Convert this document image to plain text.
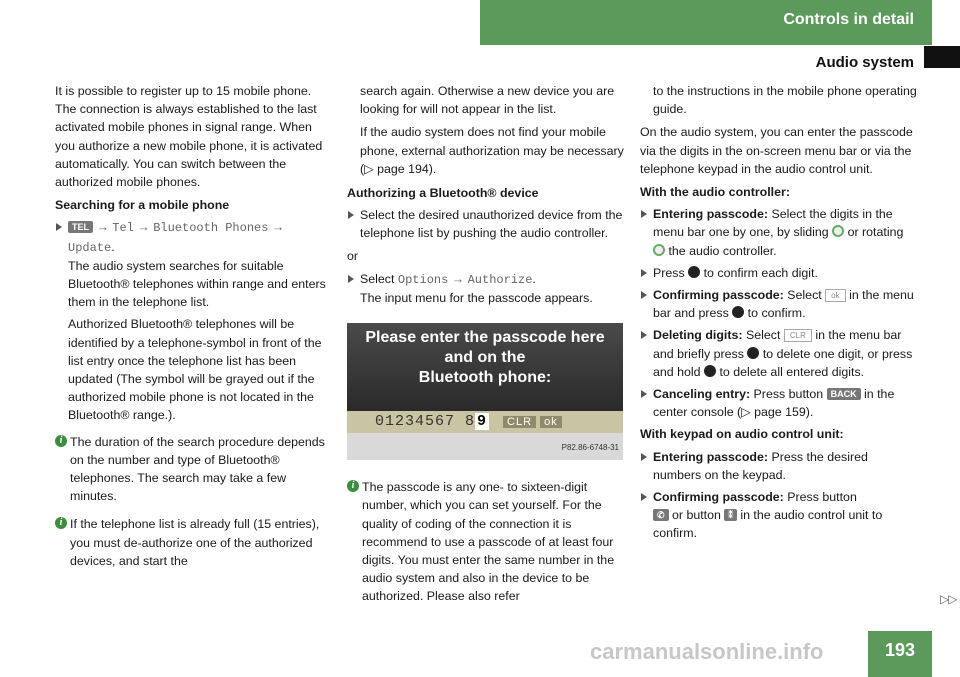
Controls in detail
Audio system

It is possible to register up to 15 mobile phone. The connection is always established to the last activated mobile phones in signal range. When you authorize a new mobile phone, it is activated automatically. You can switch between the authorized mobile phones.

Searching for a mobile phone
TEL → Tel → Bluetooth Phones → Update.
The audio system searches for suitable Bluetooth® telephones within range and enters them in the telephone list.
Authorized Bluetooth® telephones will be identified by a telephone-symbol in front of the list entry once the telephone list has been updated (The symbol will be grayed out if the authorized mobile phone is not located in the Bluetooth® range.).
i The duration of the search procedure depends on the number and type of Bluetooth® telephones. The search may take a few minutes.
i If the telephone list is already full (15 entries), you must de-authorize one of the authorized devices, and start the

search again. Otherwise a new device you are looking for will not appear in the list.

If the audio system does not find your mobile phone, external authorization may be necessary (▷ page 194).

Authorizing a Bluetooth® device
Select the desired unauthorized device from the telephone list by pushing the audio controller.

or

Select Options → Authorize.
The input menu for the passcode appears.
Please enter the passcode here
and on the
Bluetooth phone:
01234567 8 9 CLR ok
P82.86-6748-31
i The passcode is any one- to sixteen-digit number, which you can set yourself. For the quality of coding of the connection it is recommend to use a passcode of at least four digits. You must enter the same number in the audio system and also in the device to be authorized. Please also refer

to the instructions in the mobile phone operating guide.

On the audio system, you can enter the passcode via the digits in the on-screen menu bar or via the telephone keypad in the audio control unit.

With the audio controller:
Entering passcode: Select the digits in the menu bar one by one, by sliding or rotating  the audio controller.
Press to confirm each digit.
Confirming passcode: Select ok in the menu bar and press to confirm.
Deleting digits: Select CLR in the menu bar and briefly press to delete one digit, or press and hold to delete all entered digits.
Canceling entry: Press button BACK in the center console (▷ page 159).
With keypad on audio control unit:
Entering passcode: Press the desired numbers on the keypad.
Confirming passcode: Press button
✆ or button ⁑ in the audio control unit to confirm.
▷▷
carmanualsonline.info	193
